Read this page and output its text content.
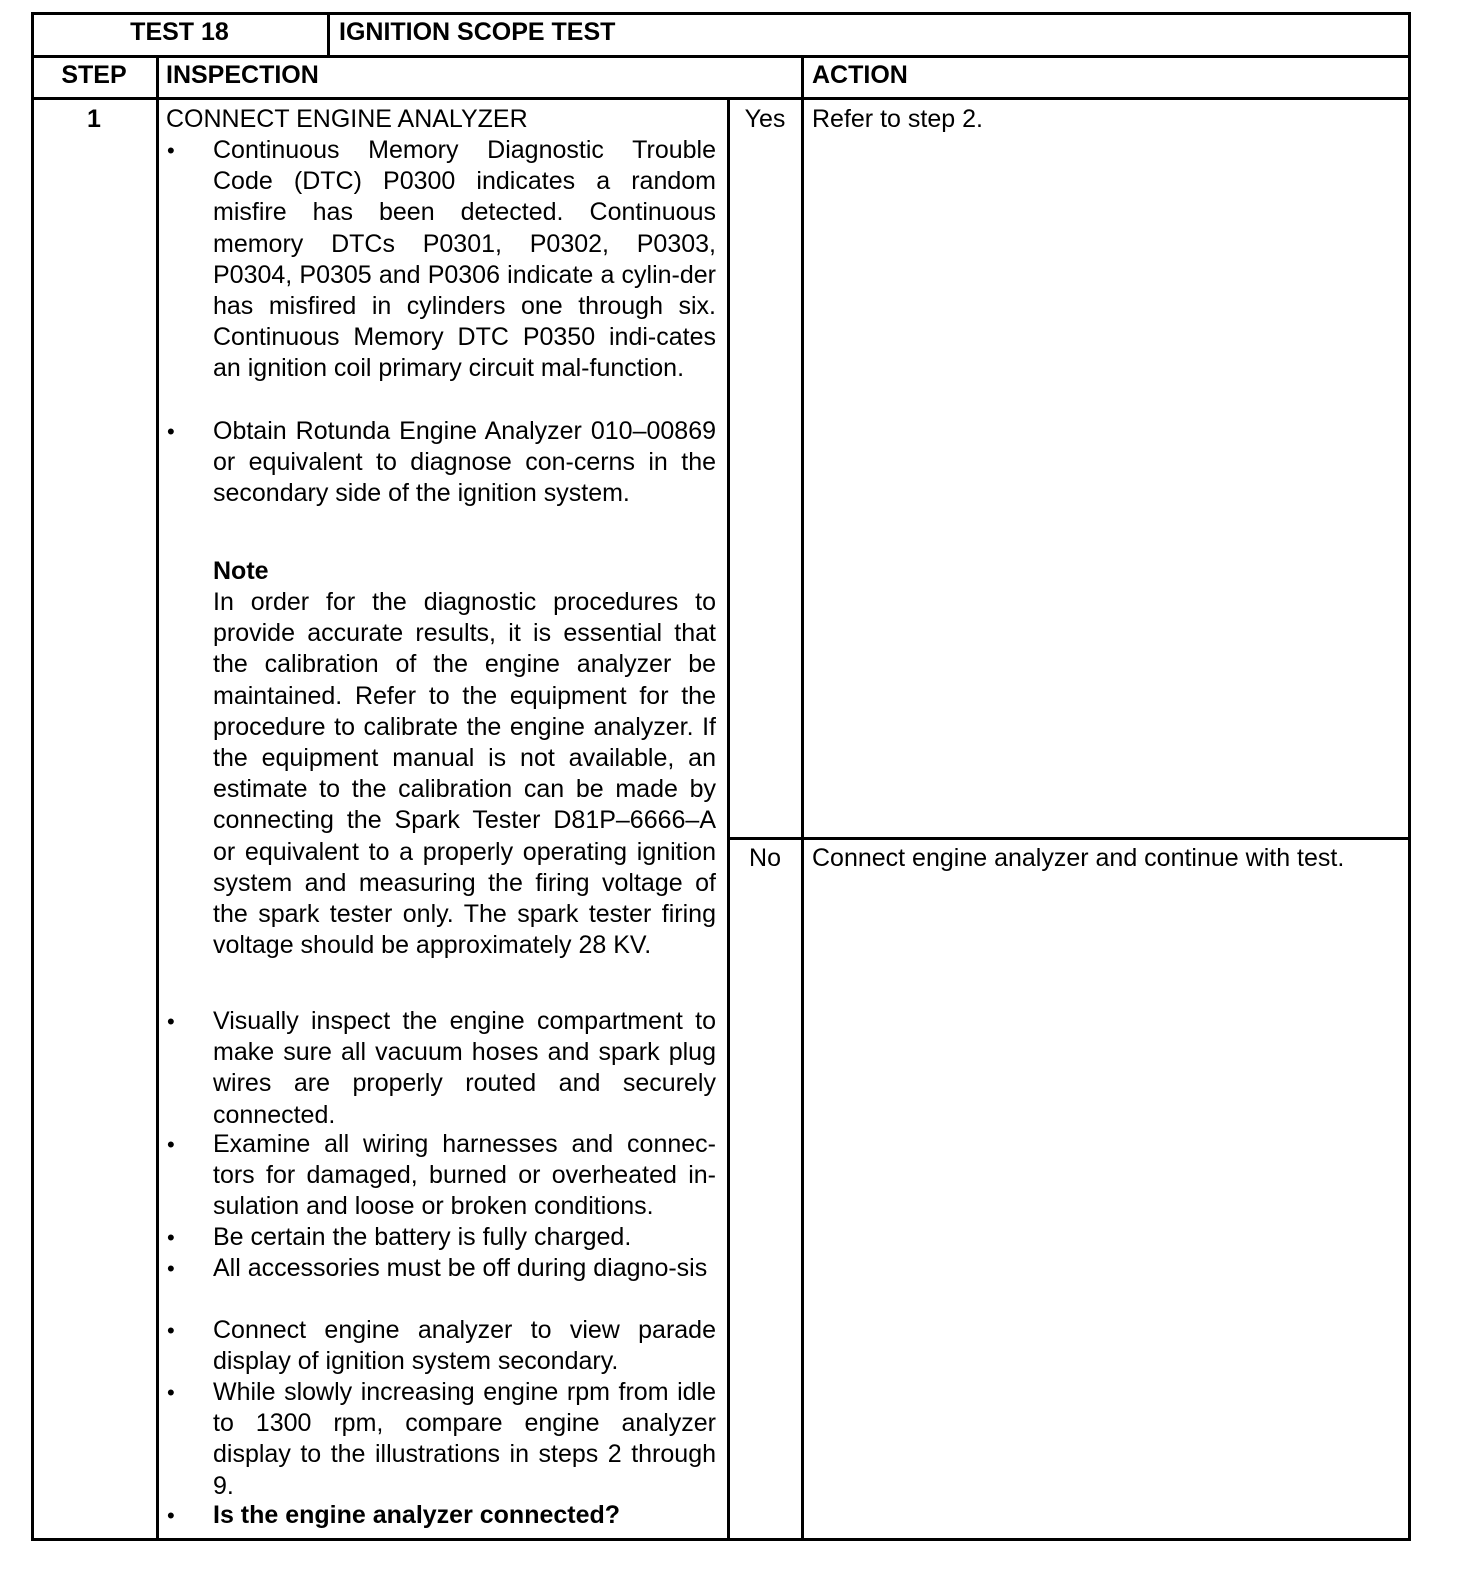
TEST 18	IGNITION SCOPE TEST
STEP	INSPECTION	ACTION
1	CONNECT ENGINE ANALYZER
• Continuous Memory Diagnostic Trouble Code (DTC) P0300 indicates a random misfire has been detected. Continuous memory DTCs P0301, P0302, P0303, P0304, P0305 and P0306 indicate a cylin-der has misfired in cylinders one through six. Continuous Memory DTC P0350 indi-cates an ignition coil primary circuit mal-function.
• Obtain Rotunda Engine Analyzer 010–00869 or equivalent to diagnose con-cerns in the secondary side of the ignition system.
Note
In order for the diagnostic procedures to provide accurate results, it is essential that the calibration of the engine analyzer be maintained. Refer to the equipment for the procedure to calibrate the engine analyzer. If the equipment manual is not available, an estimate to the calibration can be made by connecting the Spark Tester D81P–6666–A or equivalent to a properly operating ignition system and measuring the firing voltage of the spark tester only. The spark tester firing voltage should be approximately 28 KV.
• Visually inspect the engine compartment to make sure all vacuum hoses and spark plug wires are properly routed and securely connected.
• Examine all wiring harnesses and connec-tors for damaged, burned or overheated in-sulation and loose or broken conditions.
• Be certain the battery is fully charged.
• All accessories must be off during diagno-sis
• Connect engine analyzer to view parade display of ignition system secondary.
• While slowly increasing engine rpm from idle to 1300 rpm, compare engine analyzer display to the illustrations in steps 2 through 9.
• Is the engine analyzer connected?
Yes	Refer to step 2.
No	Connect engine analyzer and continue with test.
